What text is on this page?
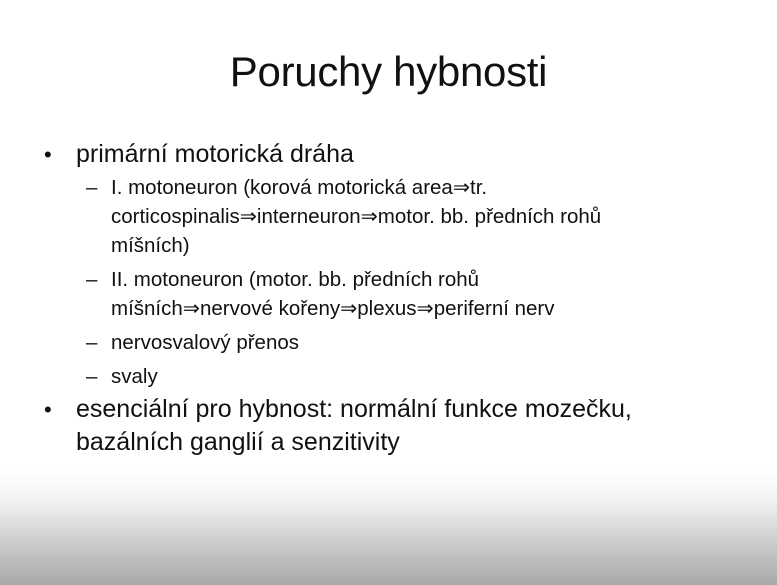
Poruchy hybnosti
• primární motorická dráha
– I. motoneuron (korová motorická area⇒tr.
corticospinalis⇒interneuron⇒motor. bb. předních rohů
míšních)
– II. motoneuron (motor. bb. předních rohů
míšních⇒nervové kořeny⇒plexus⇒periferní nerv
– nervosvalový přenos
– svaly
• esenciální pro hybnost: normální funkce mozečku,
bazálních ganglií a senzitivity
